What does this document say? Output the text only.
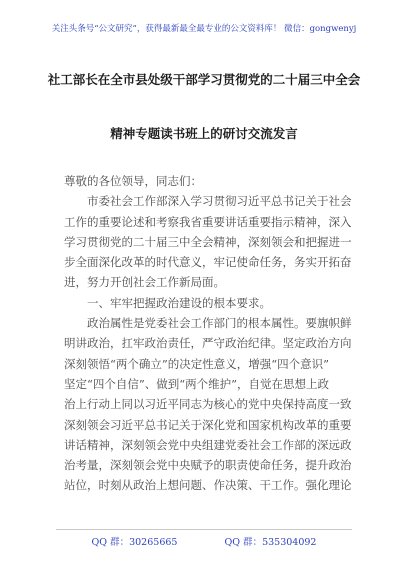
关注头条号“公文研究”，获得最新最全最专业的公文资料库！ 微信：gongwenyj
社工部长在全市县处级干部学习贯彻党的二十届三中全会
精神专题读书班上的研讨交流发言
尊敬的各位领导，同志们：
　　市委社会工作部深入学习贯彻习近平总书记关于社会
工作的重要论述和考察我省重要讲话重要指示精神，深入
学习贯彻党的二十届三中全会精神，深刻领会和把握进一
步全面深化改革的时代意义，牢记使命任务，务实开拓奋
进，努力开创社会工作新局面。
　　一、牢牢把握政治建设的根本要求。
　　政治属性是党委社会工作部门的根本属性。要旗帜鲜
明讲政治，扛牢政治责任，严守政治纪律。坚定政治方向
深刻领悟“两个确立”的决定性意义，增强“四个意识”
坚定“四个自信”、做到“两个维护”，自觉在思想上政
治上行动上同以习近平同志为核心的党中央保持高度一致
深刻领会习近平总书记关于深化党和国家机构改革的重要
讲话精神，深刻领会党中央组建党委社会工作部的深远政
治考量，深刻领会党中央赋予的职责使命任务，提升政治
站位，时刻从政治上想问题、作决策、干工作。强化理论
QQ 群：30265665	QQ 群：535304092
